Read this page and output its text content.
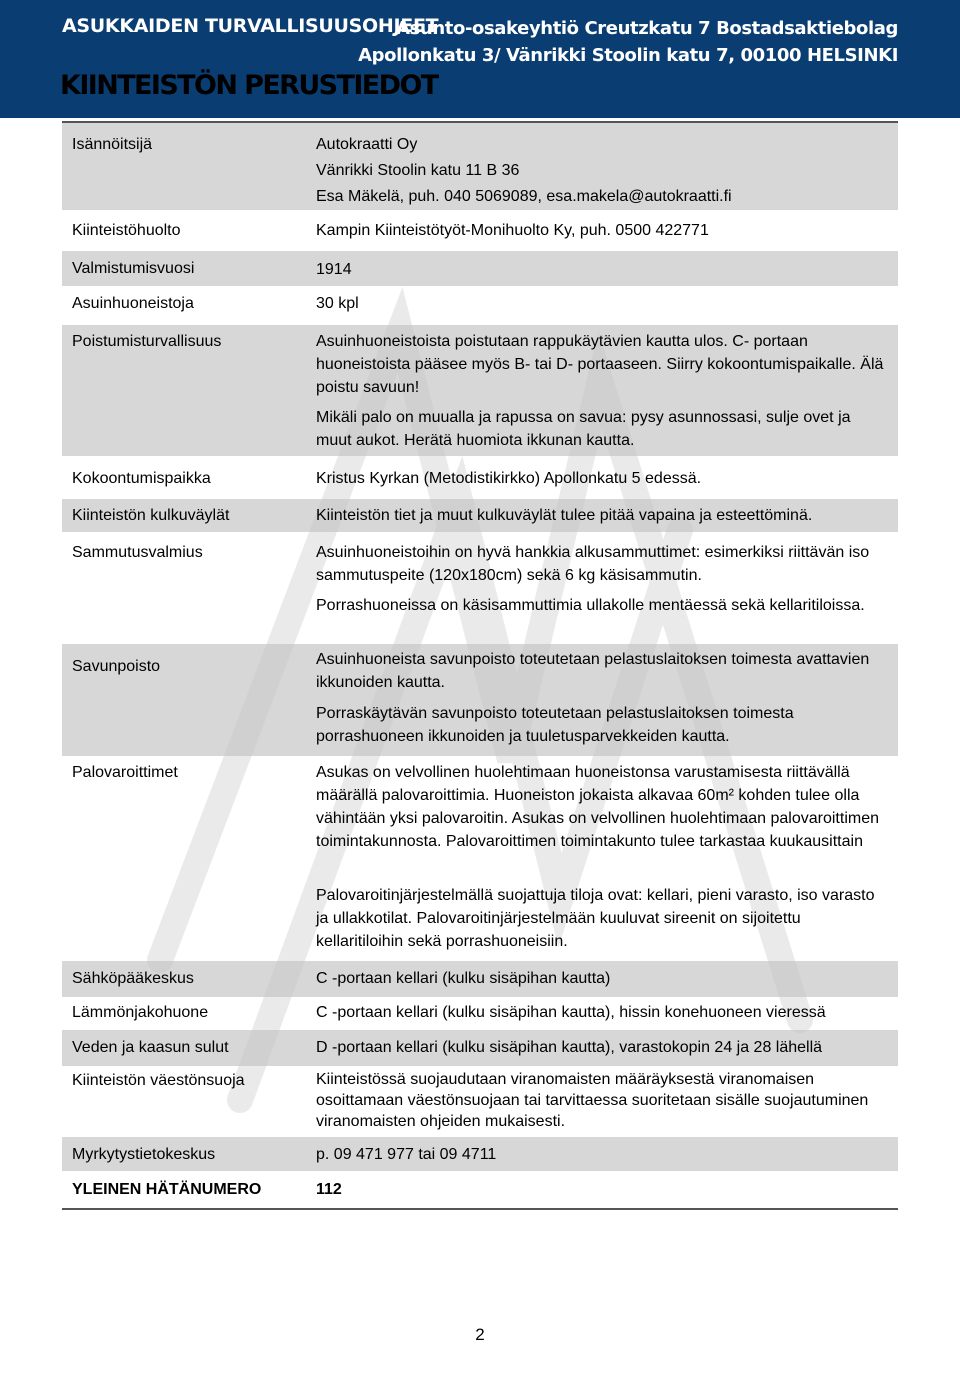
ASUKKAIDEN TURVALLISUUSOHJEET
Asunto-osakeyhtiö Creutzkatu 7 Bostadsaktiebolag
Apollonkatu 3/ Vänrikki Stoolin katu 7, 00100 HELSINKI
KIINTEISTÖN PERUSTIEDOT
Isännöitsijä	Autokraatti Oy
Vänrikki Stoolin katu 11 B 36
Esa Mäkelä, puh. 040 5069089, esa.makela@autokraatti.fi
Kiinteistöhuolto	Kampin Kiinteistötyöt-Monihuolto Ky, puh. 0500 422771
Valmistumisvuosi	1914
Asuinhuoneistoja	30 kpl
Poistumisturvallisuus	Asuinhuoneistoista poistutaan rappukäytävien kautta ulos. C- portaan huoneistoista pääsee myös B- tai D- portaaseen. Siirry kokoontumispaikalle. Älä poistu savuun!
Mikäli palo on muualla ja rapussa on savua: pysy asunnossasi, sulje ovet ja muut aukot. Herätä huomiota ikkunan kautta.
Kokoontumispaikka	Kristus Kyrkan (Metodistikirkko) Apollonkatu 5 edessä.
Kiinteistön kulkuväylät	Kiinteistön tiet ja muut kulkuväylät tulee pitää vapaina ja esteettöminä.
Sammutusvalmius	Asuinhuoneistoihin on hyvä hankkia alkusammuttimet: esimerkiksi riittävän iso sammutuspeite (120x180cm) sekä 6 kg käsisammutin.
Porrashuoneissa on käsisammuttimia ullakolle mentäessä sekä kellaritiloissa.
Savunpoisto	Asuinhuoneista savunpoisto toteutetaan pelastuslaitoksen toimesta avattavien ikkunoiden kautta.
Porraskäytävän savunpoisto toteutetaan pelastuslaitoksen toimesta porrashuoneen ikkunoiden ja tuuletusparvekkeiden kautta.
Palovaroittimet	Asukas on velvollinen huolehtimaan huoneistonsa varustamisesta riittävällä määrällä palovaroittimia. Huoneiston jokaista alkavaa 60m² kohden tulee olla vähintään yksi palovaroitin. Asukas on velvollinen huolehtimaan palovaroittimen toimintakunnosta. Palovaroittimen toimintakunto tulee tarkastaa kuukausittain
Palovaroitinjärjestelmällä suojattuja tiloja ovat: kellari, pieni varasto, iso varasto ja ullakkotilat. Palovaroitinjärjestelmään kuuluvat sireenit on sijoitettu kellaritiloihin sekä porrashuoneisiin.
Sähköpääkeskus	C -portaan kellari (kulku sisäpihan kautta)
Lämmönjakohuone	C -portaan kellari (kulku sisäpihan kautta), hissin konehuoneen vieressä
Veden ja kaasun sulut	D -portaan kellari (kulku sisäpihan kautta), varastokopin 24 ja 28 lähellä
Kiinteistön väestönsuoja	Kiinteistössä suojaudutaan viranomaisten määräyksestä viranomaisen osoittamaan väestönsuojaan tai tarvittaessa suoritetaan sisälle suojautuminen viranomaisten ohjeiden mukaisesti.
Myrkytystietokeskus	p. 09 471 977 tai 09 4711
YLEINEN HÄTÄNUMERO	112
2
